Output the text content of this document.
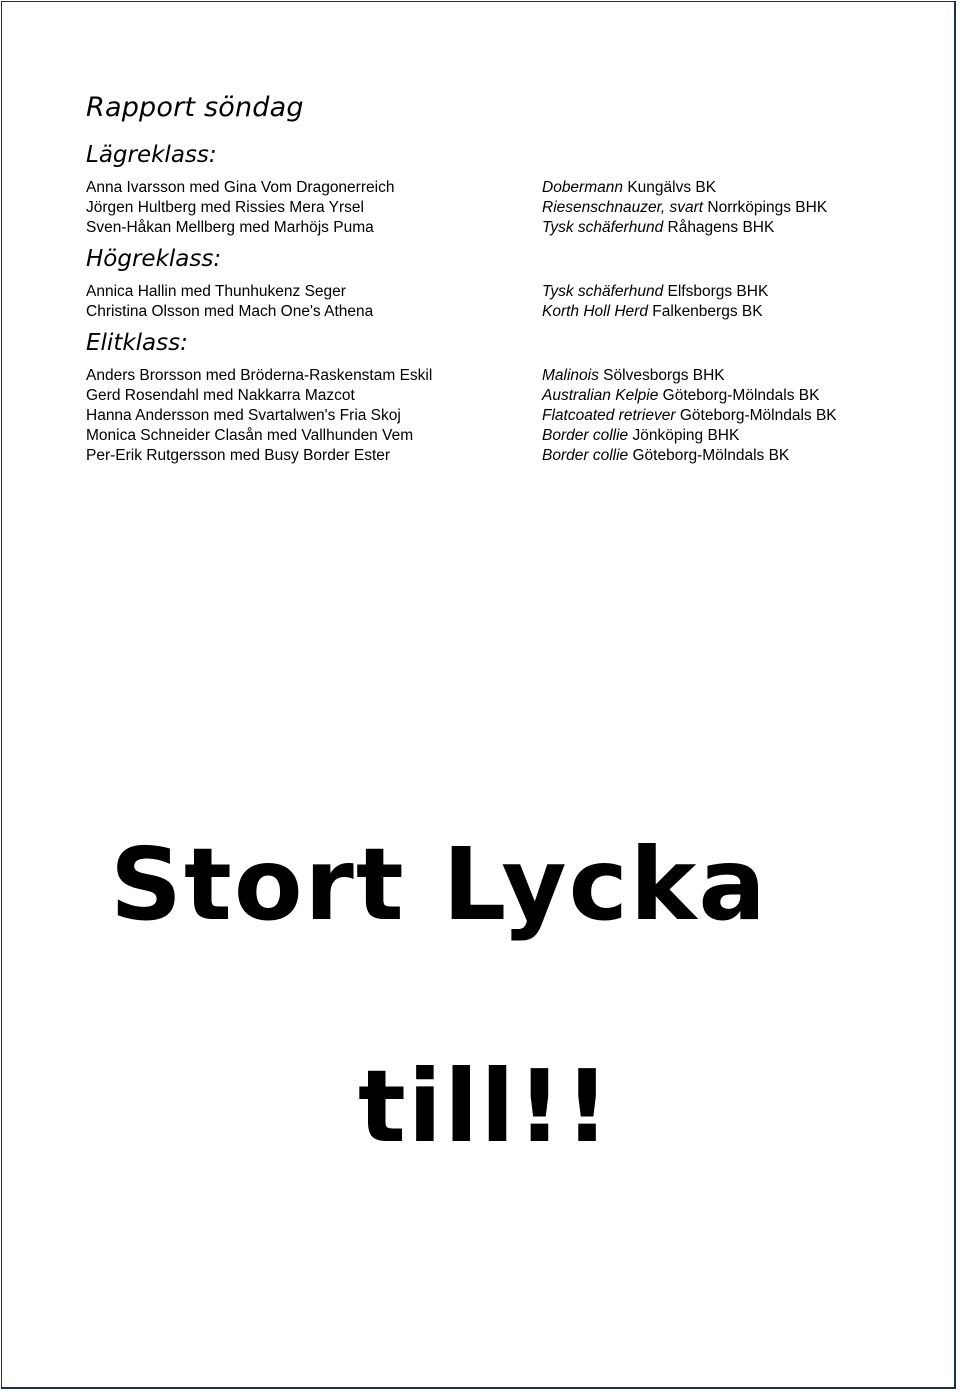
Rapport söndag
Lägreklass:
Anna Ivarsson med Gina Vom Dragonerreich
Jörgen Hultberg med Rissies Mera Yrsel
Sven-Håkan Mellberg med Marhöjs Puma
Dobermann Kungälvs BK
Riesenschnauzer, svart Norrköpings BHK
Tysk schäferhund Råhagens BHK
Högreklass:
Annica Hallin med Thunhukenz Seger
Christina Olsson med Mach One's Athena
Tysk schäferhund Elfsborgs BHK
Korth Holl Herd Falkenbergs BK
Elitklass:
Anders Brorsson med Bröderna-Raskenstam Eskil
Gerd Rosendahl med Nakkarra Mazcot
Hanna Andersson med Svartalwen's Fria Skoj
Monica Schneider Clasån med Vallhunden Vem
Per-Erik Rutgersson med Busy Border Ester
Malinois Sölvesborgs BHK
Australian Kelpie Göteborg-Mölndals BK
Flatcoated retriever Göteborg-Mölndals BK
Border collie Jönköping BHK
Border collie Göteborg-Mölndals BK
Stort Lycka
till!!
